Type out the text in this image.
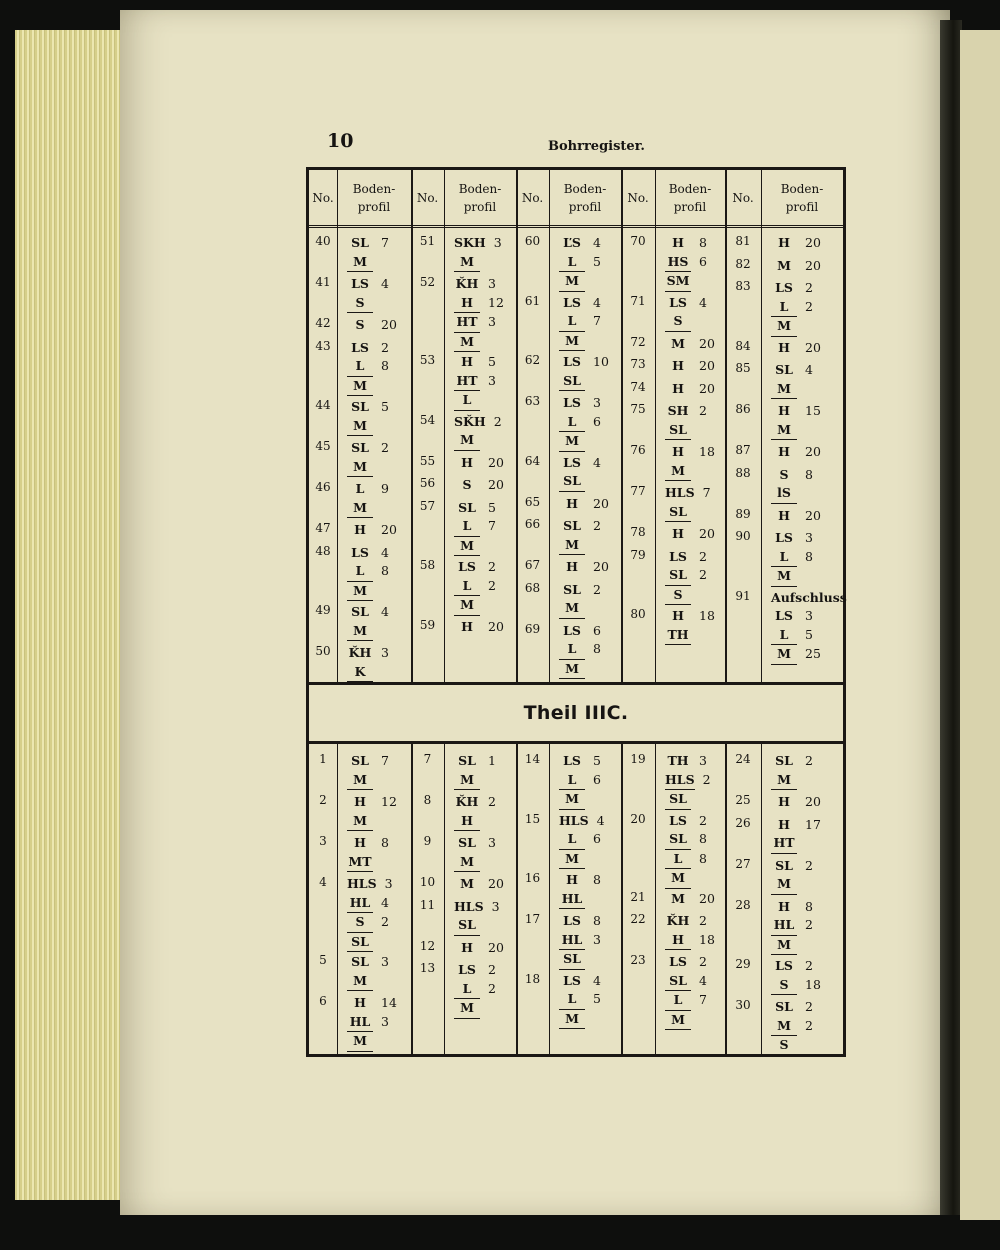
10	Bohrregister.
No.
Boden-
profil
No.
Boden-
profil
No.
Boden-
profil
No.
Boden-
profil
No.
Boden-
profil
Theil IIIC.
40	SL 7
M
41	LS 4
S
42	S 20
43	LS 2
L 8
M
44	SL 5
M
45	SL 2
M
46	L 9
M
47	H 20
48	LS 4
L 8
M
49	SL 4
M
50	ǨH 3
K
51	SKH 3
M
52	ǨH 3
H 12
HT 3
M
53	H 5
HT 3
L
54	SǨH 2
M
55	H 20
56	S 20
57	SL 5
L 7
M
58	LS 2
L 2
M
59	H 20
60	ĽS 4
L 5
M
61	LS 4
L 7
M
62	LS 10
SL
63	LS 3
L 6
M
64	LS 4
SL
65	H 20
66	SL 2
M
67	H 20
68	SL 2
M
69	LS 6
L 8
M
70	H 8
HS 6
SM
71	LS 4
S
72	M 20
73	H 20
74	H 20
75	SH 2
SL
76	H 18
M
77	HLS 7
SL
78	H 20
79	LS 2
SL 2
S
80	H 18
TH
81	H 20
82	M 20
83	LS 2
L 2
M
84	H 20
85	SL 4
M
86	H 15
M
87	H 20
88	S 8
lS
89	H 20
90	LS 3
L 8
M
91	Aufschluss
LS 3
L 5
M 25
1	SL 7
M
2	H 12
M
3	H 8
MT
4	HLS 3
HL 4
S 2
SL
5	SL 3
M
6	H 14
HL 3
M
7	SL 1
M
8	ǨH 2
H
9	SL 3
M
10	M 20
11	HLS 3
SL
12	H 20
13	LS 2
L 2
M
14	LS 5
L 6
M
15	HLS 4
L 6
M
16	H 8
HL
17	LS 8
HL 3
SL
18	LS 4
L 5
M
19	TH 3
HLS 2
SL
20	LS 2
SL 8
L 8
M
21	M 20
22	ǨH 2
H 18
23	LS 2
SL 4
L 7
M
24	SL 2
M
25	H 20
26	H 17
HT
27	SL 2
M
28	H 8
HL 2
M
29	LS 2
S 18
30	SL 2
M 2
S
